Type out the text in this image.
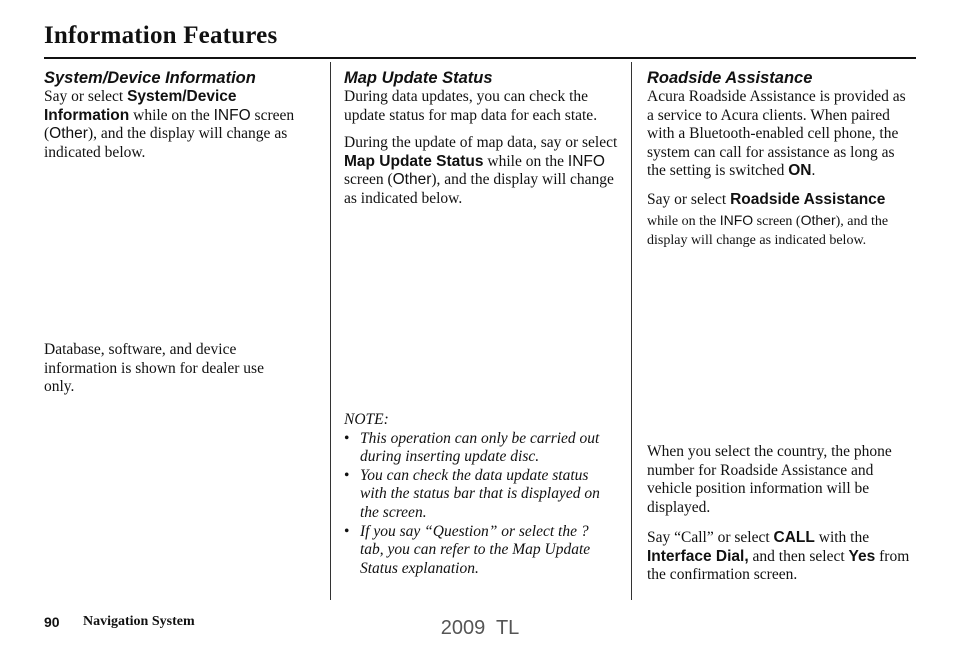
Information Features

System/Device Information

Say or select System/Device Information while on the INFO screen (Other), and the display will change as indicated below.

Database, software, and device information is shown for dealer use only.

Map Update Status

During data updates, you can check the update status for map data for each state.

During the update of map data, say or select Map Update Status while on the INFO screen (Other), and the display will change as indicated below.

NOTE:
• This operation can only be carried out during inserting update disc.
• You can check the data update status with the status bar that is displayed on the screen.
• If you say “Question” or select the ? tab, you can refer to the Map Update Status explanation.

Roadside Assistance

Acura Roadside Assistance is provided as a service to Acura clients. When paired with a Bluetooth-enabled cell phone, the system can call for assistance as long as the setting is switched ON.

Say or select Roadside Assistance while on the INFO screen (Other), and the display will change as indicated below.

When you select the country, the phone number for Roadside Assistance and vehicle position information will be displayed.

Say “Call” or select CALL with the Interface Dial, and then select Yes from the confirmation screen.

90 Navigation System	2009  TL
